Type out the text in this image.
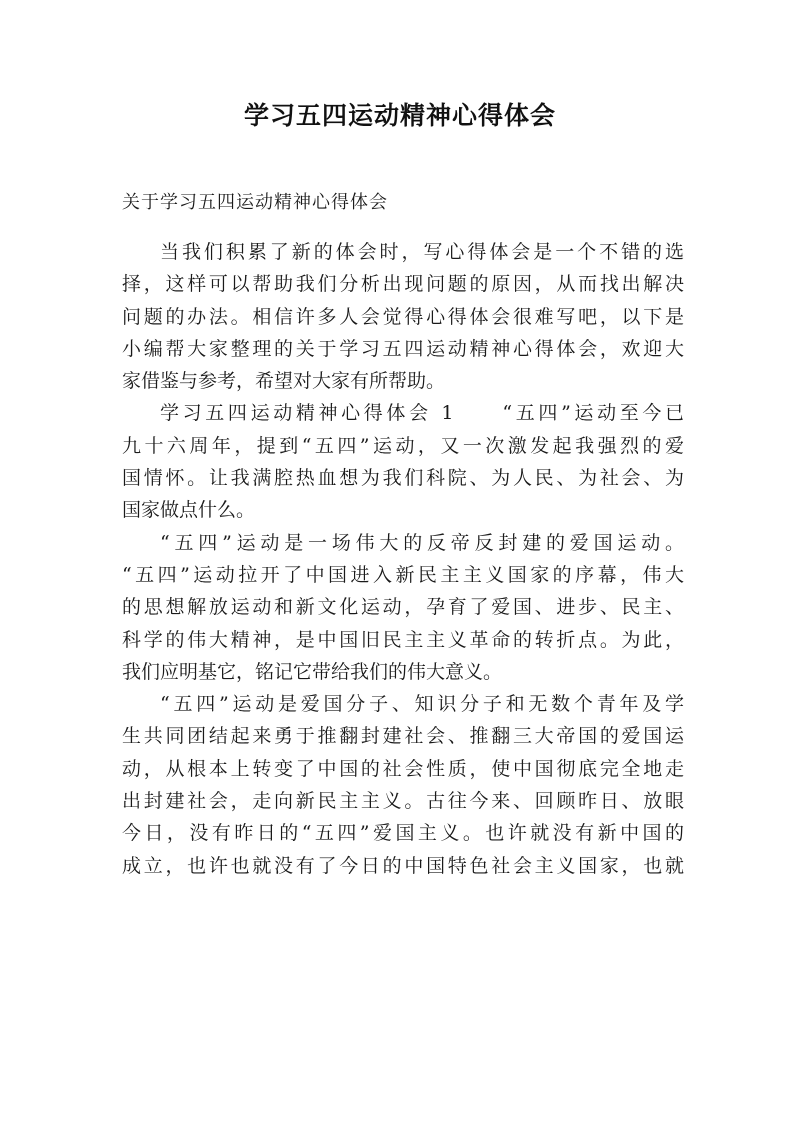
学习五四运动精神心得体会

关于学习五四运动精神心得体会

当我们积累了新的体会时，写心得体会是一个不错的选
择，这样可以帮助我们分析出现问题的原因，从而找出解决
问题的办法。相信许多人会觉得心得体会很难写吧，以下是
小编帮大家整理的关于学习五四运动精神心得体会，欢迎大
家借鉴与参考，希望对大家有所帮助。

学习五四运动精神心得体会 1　　“五四”运动至今已
九十六周年，提到“五四”运动，又一次激发起我强烈的爱
国情怀。让我满腔热血想为我们科院、为人民、为社会、为
国家做点什么。

“五四”运动是一场伟大的反帝反封建的爱国运动。
“五四”运动拉开了中国进入新民主主义国家的序幕，伟大
的思想解放运动和新文化运动，孕育了爱国、进步、民主、
科学的伟大精神，是中国旧民主主义革命的转折点。为此，
我们应明基它，铭记它带给我们的伟大意义。

“五四”运动是爱国分子、知识分子和无数个青年及学
生共同团结起来勇于推翻封建社会、推翻三大帝国的爱国运
动，从根本上转变了中国的社会性质，使中国彻底完全地走
出封建社会，走向新民主主义。古往今来、回顾昨日、放眼
今日，没有昨日的“五四”爱国主义。也许就没有新中国的
成立，也许也就没有了今日的中国特色社会主义国家，也就
